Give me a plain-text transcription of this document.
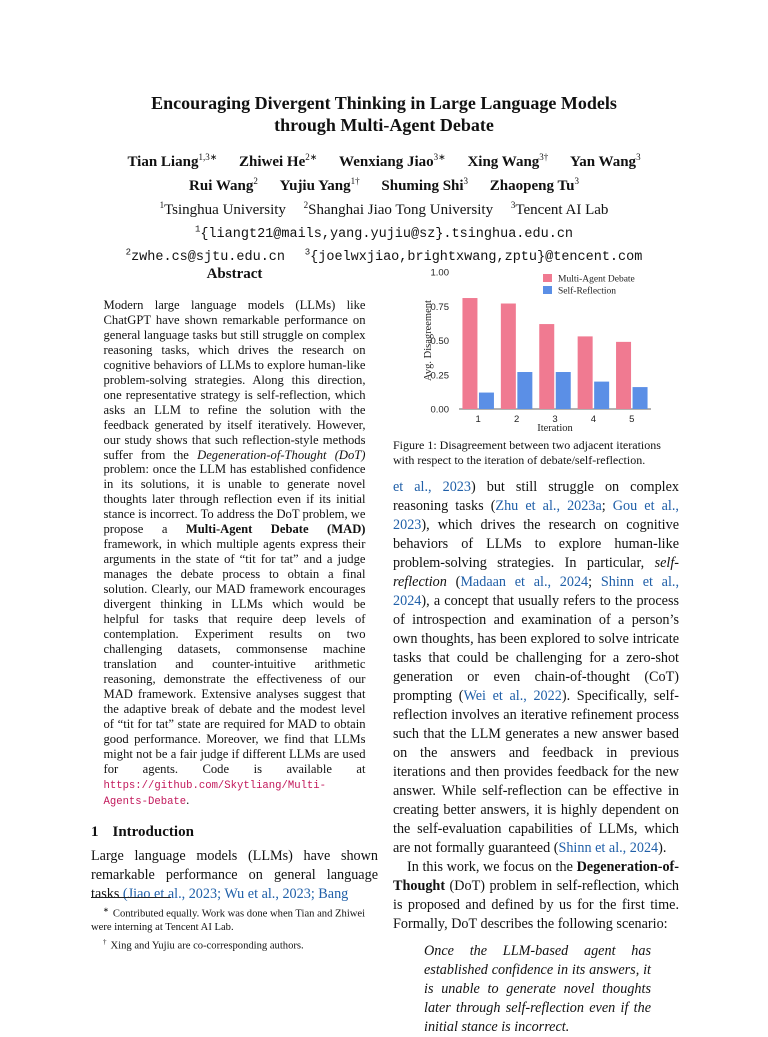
Encouraging Divergent Thinking in Large Language Models
through Multi-Agent Debate
Tian Liang$^{1,3∗}$ Zhiwei $He^{2∗}$ Wenxiang Jiao$^{3∗}$ Xing Wang$^{3\dagger}$ Yan Wang$^3$
Rui Wang$^2$ Yujiu Yang$^{1\dagger}$ Shuming Shi$^3$ Zhaopeng Tu$^3$
$^1$Tsinghua University $^2$Shanghai Jiao Tong University $^3$Tencent AI Lab
$^1${liangt21@mails,yang.yujiu@sz}.tsinghua.edu.cn
$^2$zwhe.cs@sjtu.edu.cn $^3${joelwxjiao,brightxwang,zptu}@tencent.com
Abstract

Modern large language models (LLMs) like ChatGPT have shown remarkable performance on general language tasks but still struggle on complex reasoning tasks, which drives the research on cognitive behaviors of LLMs to explore human-like problem-solving strategies. Along this direction, one representative strategy is self-reflection, which asks an LLM to refine the solution with the feedback generated by itself iteratively. However, our study shows that such reflection-style methods suffer from the Degeneration-of-Thought (DoT) problem: once the LLM has established confidence in its solutions, it is unable to generate novel thoughts later through reflection even if its initial stance is incorrect. To address the DoT problem, we propose a Multi-Agent Debate (MAD) framework, in which multiple agents express their arguments in the state of “tit for tat” and a judge manages the debate process to obtain a final solution. Clearly, our MAD framework encourages divergent thinking in LLMs which would be helpful for tasks that require deep levels of contemplation. Experiment results on two challenging datasets, commonsense machine translation and counter-intuitive arithmetic reasoning, demonstrate the effectiveness of our MAD framework. Extensive analyses suggest that the adaptive break of debate and the modest level of “tit for tat” state are required for MAD to obtain good performance. Moreover, we find that LLMs might not be a fair judge if different LLMs are used for agents. Code is available at https://github.com/Skytliang/Multi-Agents-Debate.

1 Introduction

Large language models (LLMs) have shown remarkable performance on general language tasks (Jiao et al., 2023; Wu et al., 2023; Bang

∗ Contributed equally. Work was done when Tian and Zhiwei were interning at Tencent AI Lab.

† Xing and Yujiu are co-corresponding authors.

0.00
0.25
0.50
0.75
1.00
Avg. Disagreement
1	2	3	4	5
Iteration
Multi-Agent Debate
Self-Reflection

Figure 1: Disagreement between two adjacent iterations with respect to the iteration of debate/self-reflection.

et al., 2023) but still struggle on complex reasoning tasks (Zhu et al., 2023a; Gou et al., 2023), which drives the research on cognitive behaviors of LLMs to explore human-like problem-solving strategies. In particular, self-reflection (Madaan et al., 2024; Shinn et al., 2024), a concept that usually refers to the process of introspection and examination of a person’s own thoughts, has been explored to solve intricate tasks that could be challenging for a zero-shot generation or even chain-of-thought (CoT) prompting (Wei et al., 2022). Specifically, self-reflection involves an iterative refinement process such that the LLM generates a new answer based on the answers and feedback in previous iterations and then provides feedback for the new answer. While self-reflection can be effective in creating better answers, it is highly dependent on the self-evaluation capabilities of LLMs, which are not formally guaranteed (Shinn et al., 2024).

In this work, we focus on the Degeneration-of-Thought (DoT) problem in self-reflection, which is proposed and defined by us for the first time. Formally, DoT describes the following scenario:

Once the LLM-based agent has established confidence in its answers, it is unable to generate novel thoughts later through self-reflection even if the initial stance is incorrect.
